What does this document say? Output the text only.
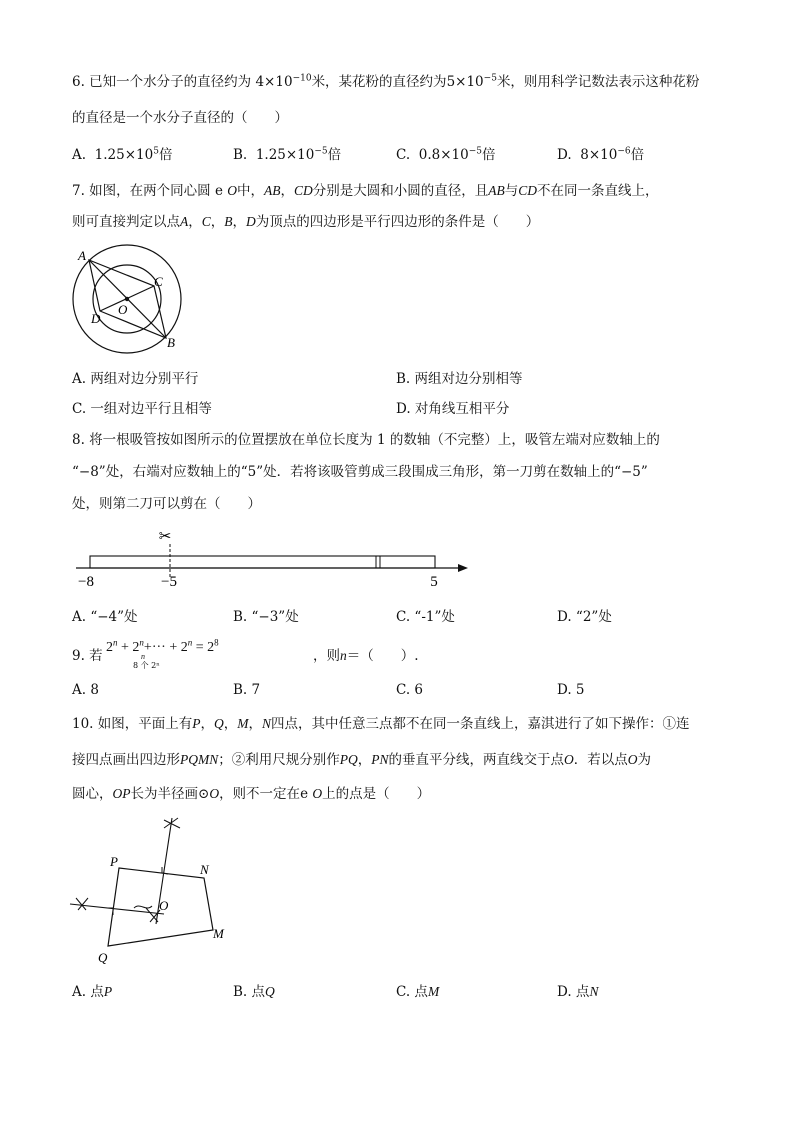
6. 已知一个水分子的直径约为 $4\times 10^{-10}$米，某花粉的直径约为$5\times 10^{-5}$米，则用科学记数法表示这种花粉
的直径是一个水分子直径的（　　）
A. $1.25\times 10^5$倍	B. $1.25\times 10^{-5}$倍	C. $0.8\times 10^{-5}$倍	D. $8\times 10^{-6}$倍
7. 如图，在两个同心圆 e O中，AB，CD分别是大圆和小圆的直径，且AB与CD不在同一条直线上，
则可直接判定以点A，C，B，D为顶点的四边形是平行四边形的条件是（　　）
A
C
O
D
B
A. 两组对边分别平行	B. 两组对边分别相等
C. 一组对边平行且相等	D. 对角线互相平分
8. 将一根吸管按如图所示的位置摆放在单位长度为 1 的数轴（不完整）上，吸管左端对应数轴上的
“−8”处，右端对应数轴上的“5”处．若将该吸管剪成三段围成三角形，第一刀剪在数轴上的“−5”
处，则第二刀可以剪在（　　）
✂
−8	−5	5
A. “−4”处	B. “−3”处	C. “-1”处	D. “2”处
9. 若
$2^n + 2^n+\cdot\cdot\cdot + 2^n = 2^8$
n
8 个 2ⁿ
，则n＝（　　）.
A. 8	B. 7	C. 6	D. 5
10. 如图，平面上有P，Q，M，N四点，其中任意三点都不在同一条直线上，嘉淇进行了如下操作：①连
接四点画出四边形PQMN；②利用尺规分别作PQ，PN的垂直平分线，两直线交于点O．若以点O为
圆心，OP长为半径画⊙O，则不一定在e O上的点是（　　）
P
N
O
Q
M
A. 点P	B. 点Q	C. 点M	D. 点N
